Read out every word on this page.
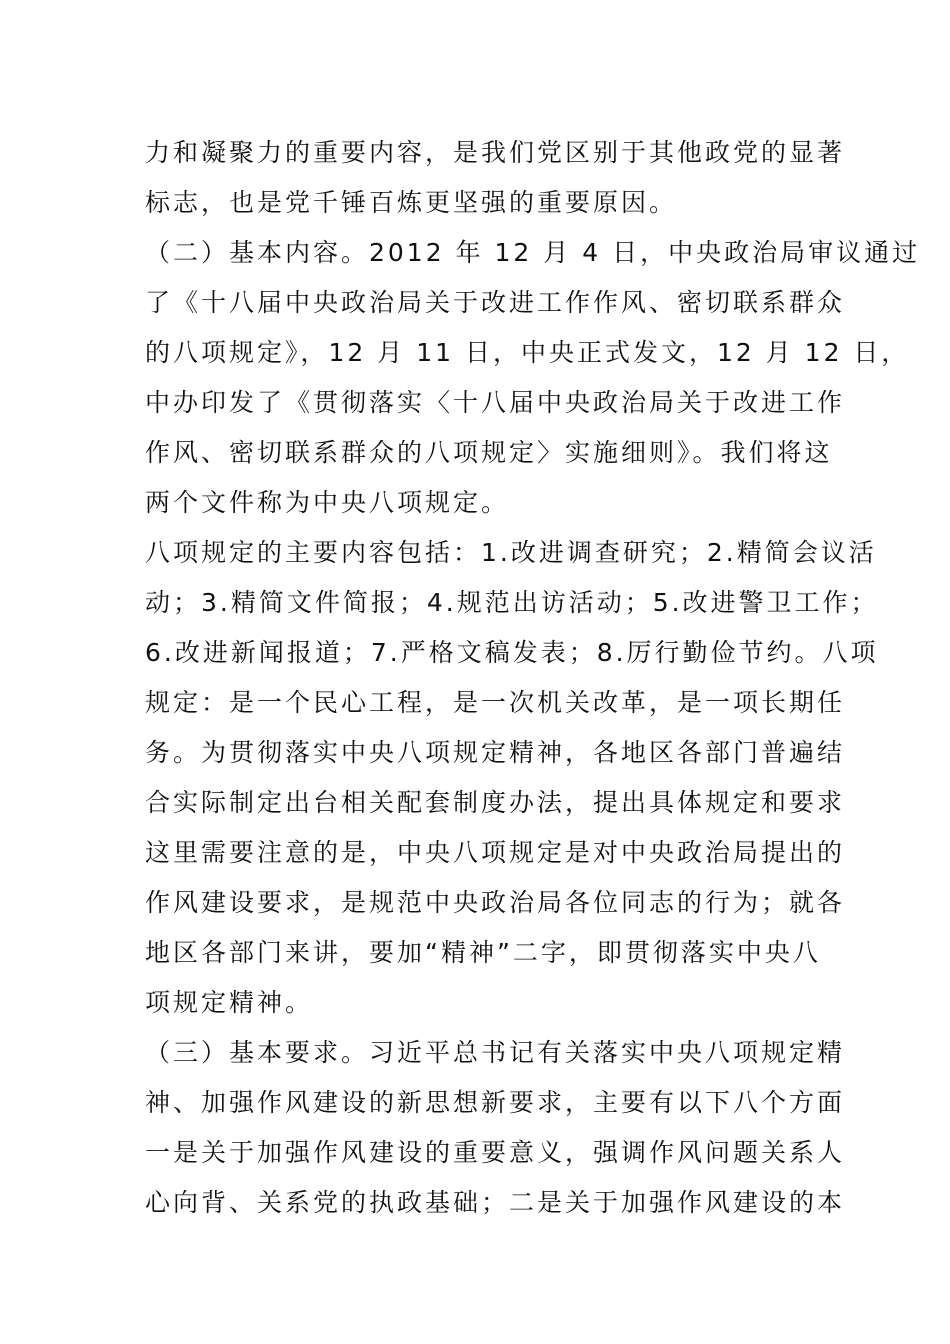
力和凝聚力的重要内容，是我们党区别于其他政党的显著
标志，也是党千锤百炼更坚强的重要原因。
（二）基本内容。2012 年 12 月 4 日，中央政治局审议通过
了《十八届中央政治局关于改进工作作风、密切联系群众
的八项规定》，12 月 11 日，中央正式发文，12 月 12 日，
中办印发了《贯彻落实〈十八届中央政治局关于改进工作
作风、密切联系群众的八项规定〉实施细则》。我们将这
两个文件称为中央八项规定。
八项规定的主要内容包括：1.改进调查研究；2.精简会议活
动；3.精简文件简报；4.规范出访活动；5.改进警卫工作；
6.改进新闻报道；7.严格文稿发表；8.厉行勤俭节约。八项
规定：是一个民心工程，是一次机关改革，是一项长期任
务。为贯彻落实中央八项规定精神，各地区各部门普遍结
合实际制定出台相关配套制度办法，提出具体规定和要求
这里需要注意的是，中央八项规定是对中央政治局提出的
作风建设要求，是规范中央政治局各位同志的行为；就各
地区各部门来讲，要加“精神”二字，即贯彻落实中央八
项规定精神。
（三）基本要求。习近平总书记有关落实中央八项规定精
神、加强作风建设的新思想新要求，主要有以下八个方面
一是关于加强作风建设的重要意义，强调作风问题关系人
心向背、关系党的执政基础；二是关于加强作风建设的本
